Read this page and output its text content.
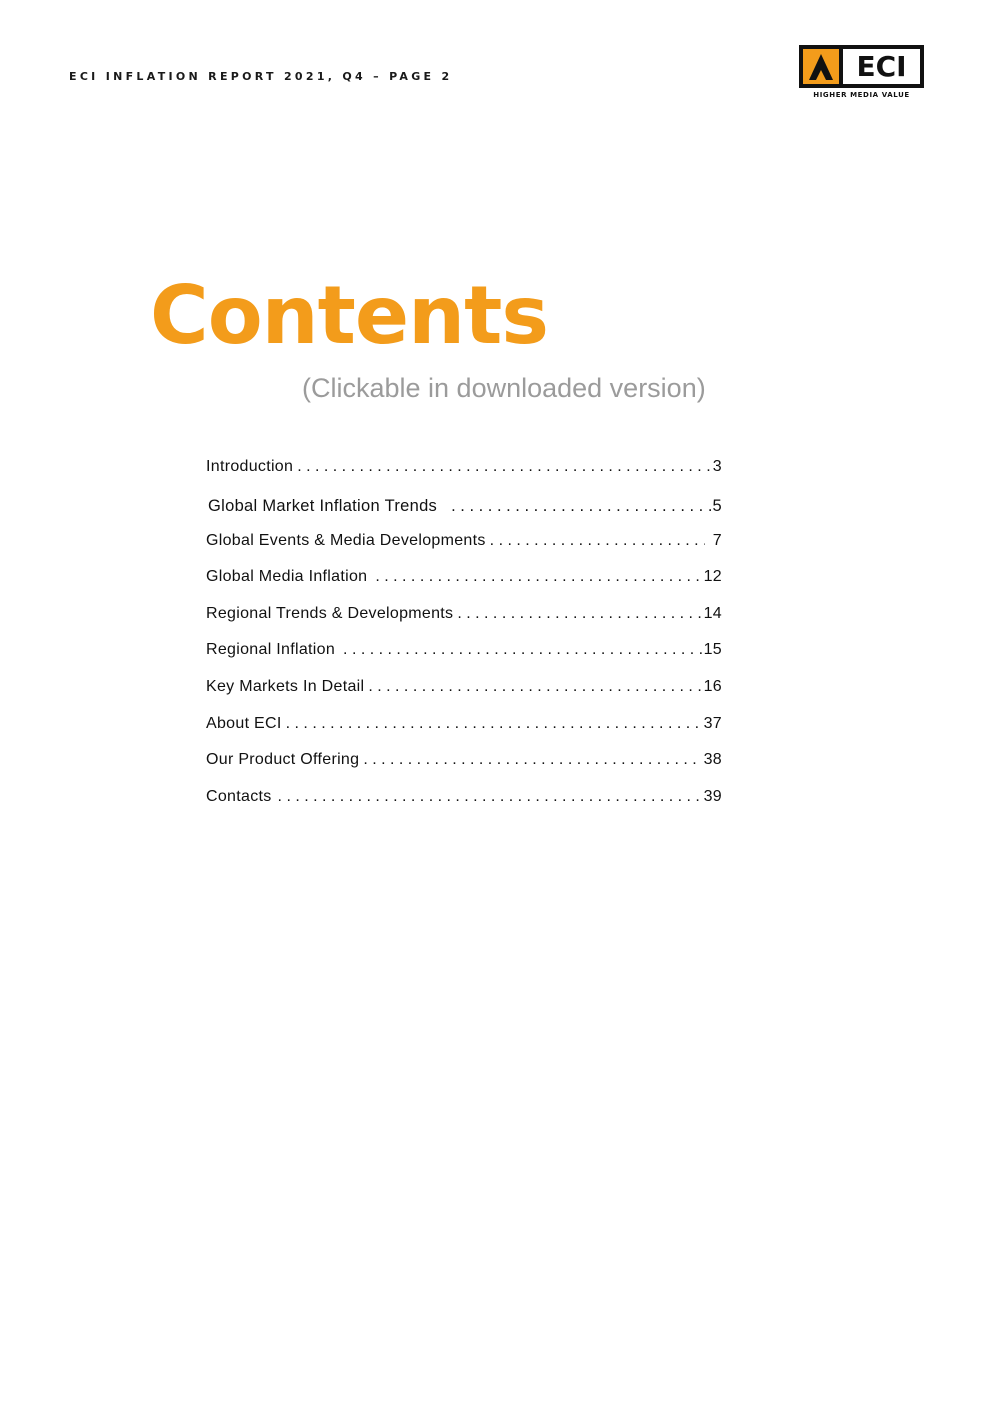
ECI INFLATION REPORT 2021, Q4 – PAGE 2	ECI
HIGHER MEDIA VALUE
Contents
(Clickable in downloaded version)
Introduction . . .	3
Global Market Inflation Trends . . .	5
Global Events & Media Developments . . .	7
Global Media Inflation . . .	12
Regional Trends & Developments . . .	14
Regional Inflation . . .	15
Key Markets In Detail . . .	16
About ECI . . .	37
Our Product Offering . . .	38
Contacts . . .	39
